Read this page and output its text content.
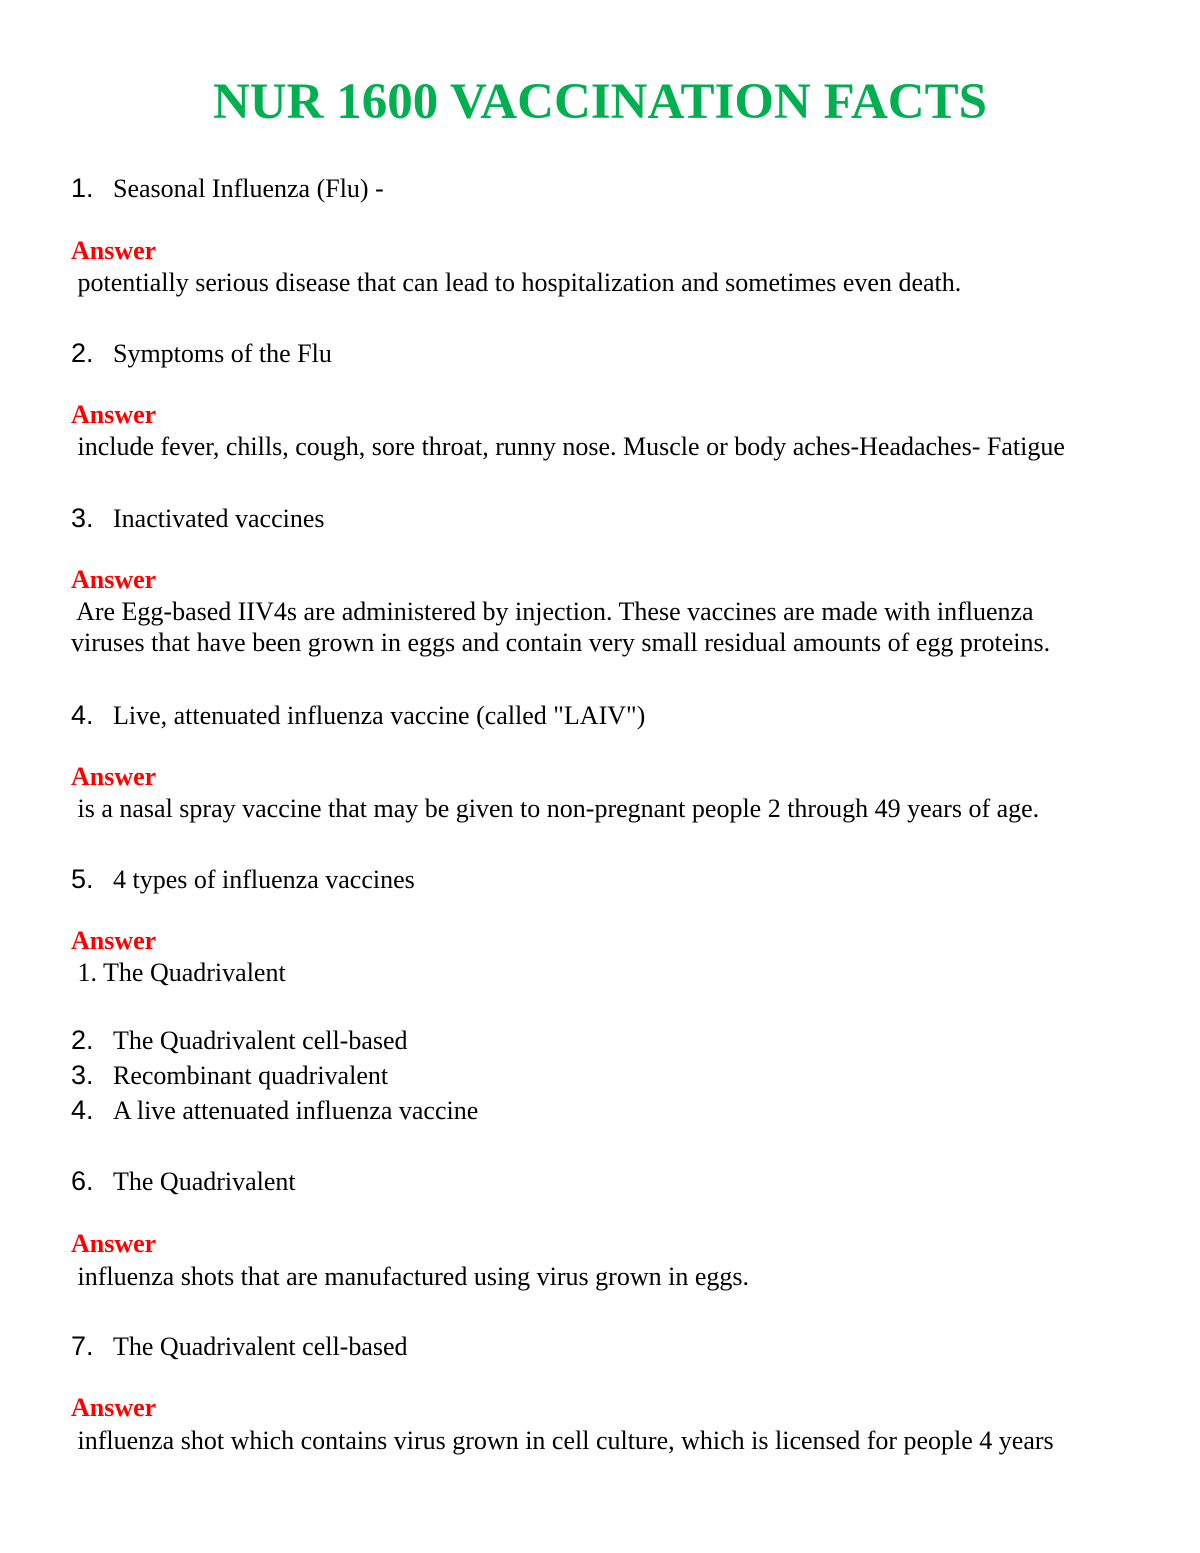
NUR 1600 VACCINATION FACTS
1. Seasonal Influenza (Flu) -
Answer
potentially serious disease that can lead to hospitalization and sometimes even death.
2. Symptoms of the Flu
Answer
include fever, chills, cough, sore throat, runny nose. Muscle or body aches-Headaches- Fatigue
3. Inactivated vaccines
Answer
Are Egg-based IIV4s are administered by injection. These vaccines are made with influenza
viruses that have been grown in eggs and contain very small residual amounts of egg proteins.
4. Live, attenuated influenza vaccine (called "LAIV")
Answer
is a nasal spray vaccine that may be given to non-pregnant people 2 through 49 years of age.
5. 4 types of influenza vaccines
Answer
1. The Quadrivalent
2. The Quadrivalent cell-based
3. Recombinant quadrivalent
4. A live attenuated influenza vaccine
6. The Quadrivalent
Answer
influenza shots that are manufactured using virus grown in eggs.
7. The Quadrivalent cell-based
Answer
influenza shot which contains virus grown in cell culture, which is licensed for people 4 years
